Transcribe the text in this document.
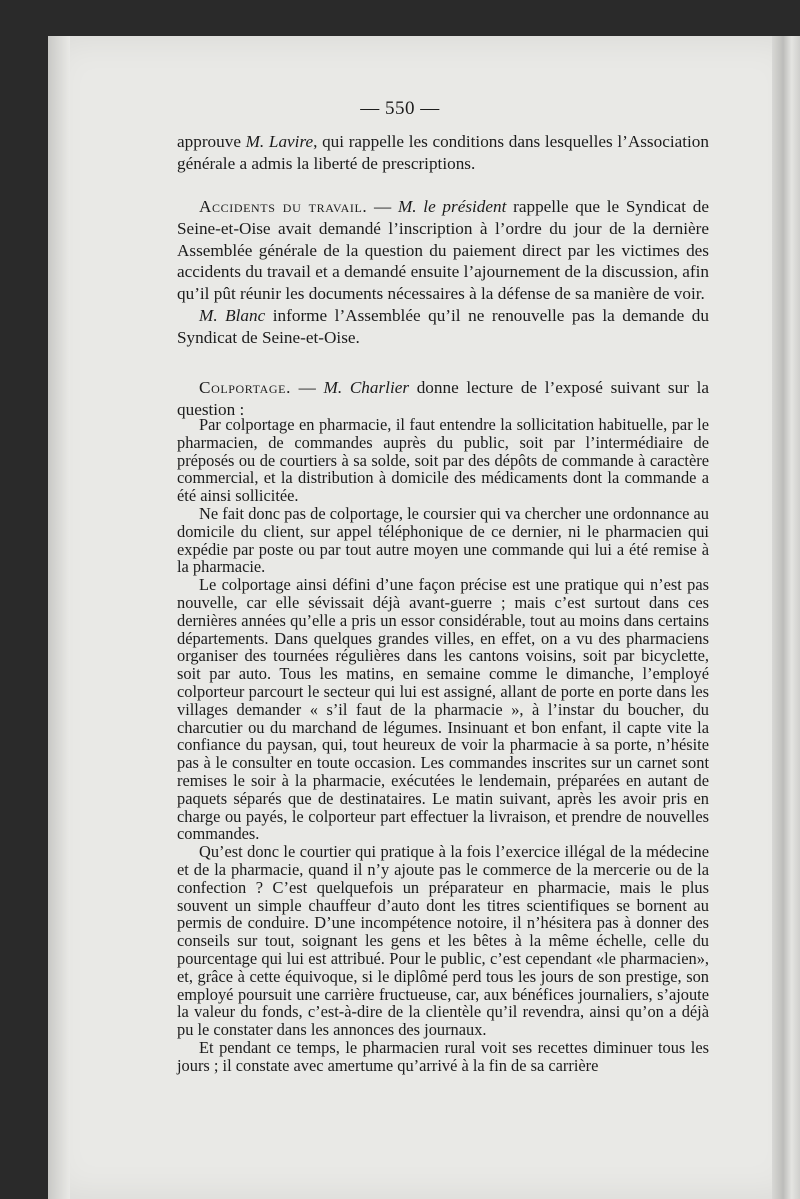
— 550 —

approuve M. Lavire, qui rappelle les conditions dans lesquelles l’Association générale a admis la liberté de prescriptions.

Accidents du travail. — M. le président rappelle que le Syndicat de Seine-et-Oise avait demandé l’inscription à l’ordre du jour de la dernière Assemblée générale de la question du paiement direct par les victimes des accidents du travail et a demandé ensuite l’ajournement de la discussion, afin qu’il pût réunir les documents nécessaires à la défense de sa manière de voir.

M. Blanc informe l’Assemblée qu’il ne renouvelle pas la demande du Syndicat de Seine-et-Oise.

Colportage. — M. Charlier donne lecture de l’exposé suivant sur la question :

Par colportage en pharmacie, il faut entendre la sollicitation habituelle, par le pharmacien, de commandes auprès du public, soit par l’intermédiaire de préposés ou de courtiers à sa solde, soit par des dépôts de commande à caractère commercial, et la distribution à domicile des médicaments dont la commande a été ainsi sollicitée.

Ne fait donc pas de colportage, le coursier qui va chercher une ordonnance au domicile du client, sur appel téléphonique de ce dernier, ni le pharmacien qui expédie par poste ou par tout autre moyen une commande qui lui a été remise à la pharmacie.

Le colportage ainsi défini d’une façon précise est une pratique qui n’est pas nouvelle, car elle sévissait déjà avant-guerre ; mais c’est surtout dans ces dernières années qu’elle a pris un essor considérable, tout au moins dans certains départements. Dans quelques grandes villes, en effet, on a vu des pharmaciens organiser des tournées régulières dans les cantons voisins, soit par bicyclette, soit par auto. Tous les matins, en semaine comme le dimanche, l’employé colporteur parcourt le secteur qui lui est assigné, allant de porte en porte dans les villages demander « s’il faut de la pharmacie », à l’instar du boucher, du charcutier ou du marchand de légumes. Insinuant et bon enfant, il capte vite la confiance du paysan, qui, tout heureux de voir la pharmacie à sa porte, n’hésite pas à le consulter en toute occasion. Les commandes inscrites sur un carnet sont remises le soir à la pharmacie, exécutées le lendemain, préparées en autant de paquets séparés que de destinataires. Le matin suivant, après les avoir pris en charge ou payés, le colporteur part effectuer la livraison, et prendre de nouvelles commandes.

Qu’est donc le courtier qui pratique à la fois l’exercice illégal de la médecine et de la pharmacie, quand il n’y ajoute pas le commerce de la mercerie ou de la confection ? C’est quelquefois un préparateur en pharmacie, mais le plus souvent un simple chauffeur d’auto dont les titres scientifiques se bornent au permis de conduire. D’une incompétence notoire, il n’hésitera pas à donner des conseils sur tout, soignant les gens et les bêtes à la même échelle, celle du pourcentage qui lui est attribué. Pour le public, c’est cependant «le pharmacien», et, grâce à cette équivoque, si le diplômé perd tous les jours de son prestige, son employé poursuit une carrière fructueuse, car, aux bénéfices journaliers, s’ajoute la valeur du fonds, c’est-à-dire de la clientèle qu’il revendra, ainsi qu’on a déjà pu le constater dans les annonces des journaux.

Et pendant ce temps, le pharmacien rural voit ses recettes diminuer tous les jours ; il constate avec amertume qu’arrivé à la fin de sa carrière
